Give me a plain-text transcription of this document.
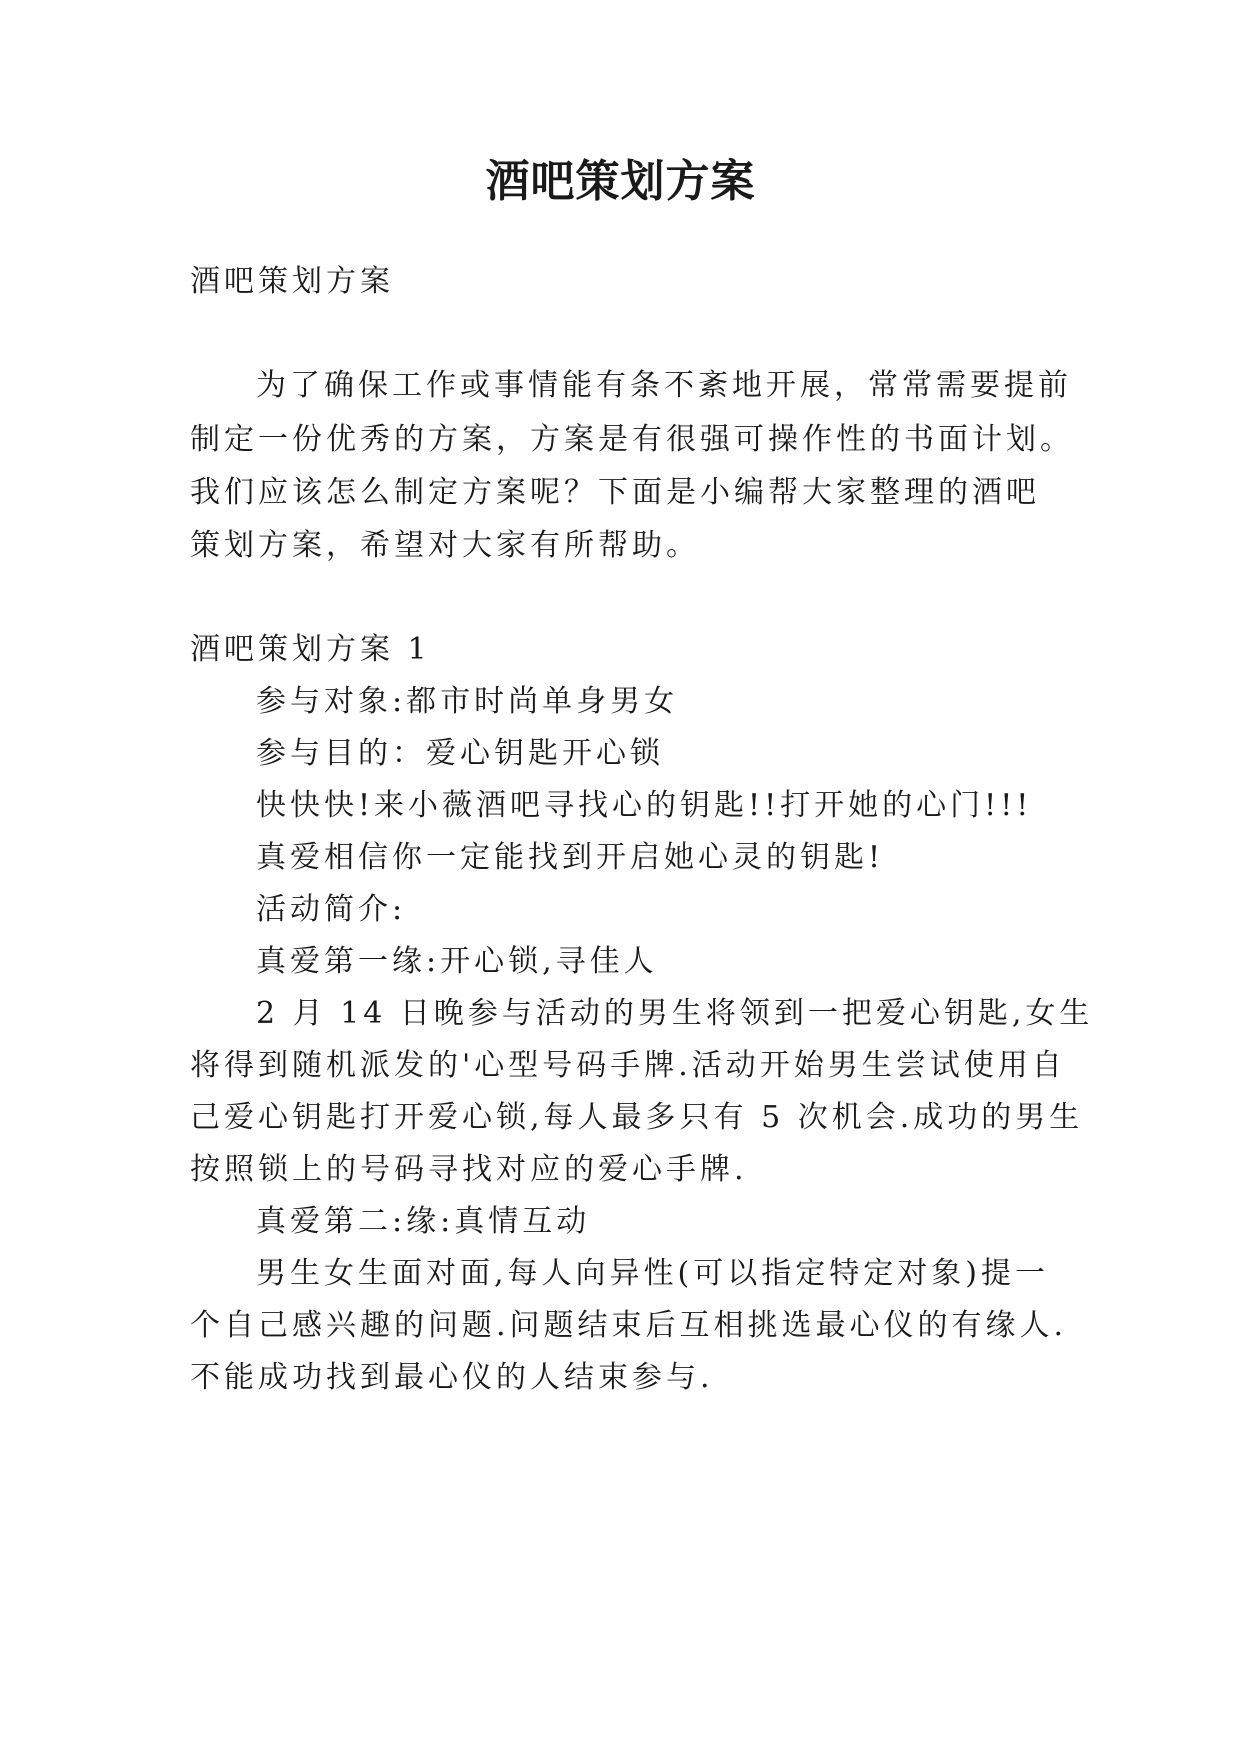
酒吧策划方案

酒吧策划方案

为了确保工作或事情能有条不紊地开展，常常需要提前

制定一份优秀的方案，方案是有很强可操作性的书面计划。

我们应该怎么制定方案呢？下面是小编帮大家整理的酒吧

策划方案，希望对大家有所帮助。

酒吧策划方案 1

参与对象:都市时尚单身男女

参与目的：爱心钥匙开心锁

快快快!来小薇酒吧寻找心的钥匙!!打开她的心门!!!

真爱相信你一定能找到开启她心灵的钥匙!

活动简介:

真爱第一缘:开心锁,寻佳人

2 月 14 日晚参与活动的男生将领到一把爱心钥匙,女生

将得到随机派发的'心型号码手牌.活动开始男生尝试使用自

己爱心钥匙打开爱心锁,每人最多只有 5 次机会.成功的男生

按照锁上的号码寻找对应的爱心手牌.

真爱第二:缘:真情互动

男生女生面对面,每人向异性(可以指定特定对象)提一

个自己感兴趣的问题.问题结束后互相挑选最心仪的有缘人.

不能成功找到最心仪的人结束参与.
